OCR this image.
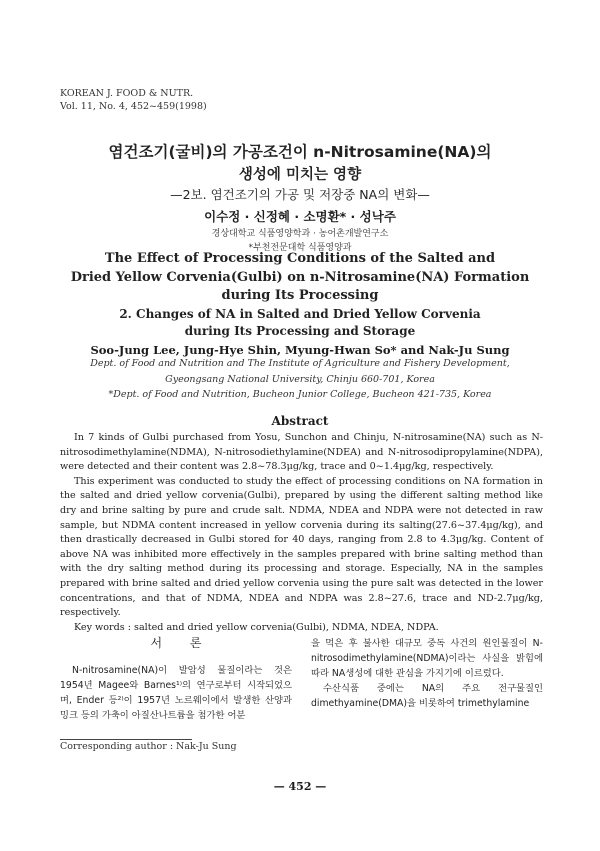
KOREAN J. FOOD & NUTR.
Vol. 11, No. 4, 452~459(1998)
염건조기(굴비)의 가공조건이 n-Nitrosamine(NA)의
생성에 미치는 영향
—2보. 염건조기의 가공 및 저장중 NA의 변화—
이수정 · 신정혜 · 소명환* · 성낙주
경상대학교 식품영양학과 · 농어촌개발연구소
*부천전문대학 식품영양과
The Effect of Processing Conditions of the Salted and
Dried Yellow Corvenia(Gulbi) on n-Nitrosamine(NA) Formation
during Its Processing
2. Changes of NA in Salted and Dried Yellow Corvenia
during Its Processing and Storage
Soo-Jung Lee, Jung-Hye Shin, Myung-Hwan So* and Nak-Ju Sung
Dept. of Food and Nutrition and The Institute of Agriculture and Fishery Development,
Gyeongsang National University, Chinju 660-701, Korea
*Dept. of Food and Nutrition, Bucheon Junior College, Bucheon 421-735, Korea
Abstract

In 7 kinds of Gulbi purchased from Yosu, Sunchon and Chinju, N-nitrosamine(NA) such as N-nitrosodimethylamine(NDMA), N-nitrosodiethylamine(NDEA) and N-nitrosodipropylamine(NDPA), were detected and their content was 2.8~78.3μg/kg, trace and 0~1.4μg/kg, respectively.

This experiment was conducted to study the effect of processing conditions on NA formation in the salted and dried yellow corvenia(Gulbi), prepared by using the different salting method like dry and brine salting by pure and crude salt. NDMA, NDEA and NDPA were not detected in raw sample, but NDMA content increased in yellow corvenia during its salting(27.6~37.4μg/kg), and then drastically decreased in Gulbi stored for 40 days, ranging from 2.8 to 4.3μg/kg. Content of above NA was inhibited more effectively in the samples prepared with brine salting method than with the dry salting method during its processing and storage. Especially, NA in the samples prepared with brine salted and dried yellow corvenia using the pure salt was detected in the lower concentrations, and that of NDMA, NDEA and NDPA was 2.8~27.6, trace and ND-2.7μg/kg, respectively.

Key words : salted and dried yellow corvenia(Gulbi), NDMA, NDEA, NDPA.

서 론

N-nitrosamine(NA)이 발암성 물질이라는 것은 1954년 Magee와 Barnes¹⁾의 연구로부터 시작되었으며, Ender 등²⁾이 1957년 노르웨이에서 발생한 산양과 밍크 등의 가축이 아질산나트륨을 첨가한 어분

을 먹은 후 불사한 대규모 중독 사건의 원인물질이 N-nitrosodimethylamine(NDMA)이라는 사실을 밝힘에 따라 NA생성에 대한 관심을 가지기에 이르렀다.

수산식품 중에는 NA의 주요 전구물질인 dimethyamine(DMA)을 비롯하여 trimethylamine

Corresponding author : Nak-Ju Sung
— 452 —
